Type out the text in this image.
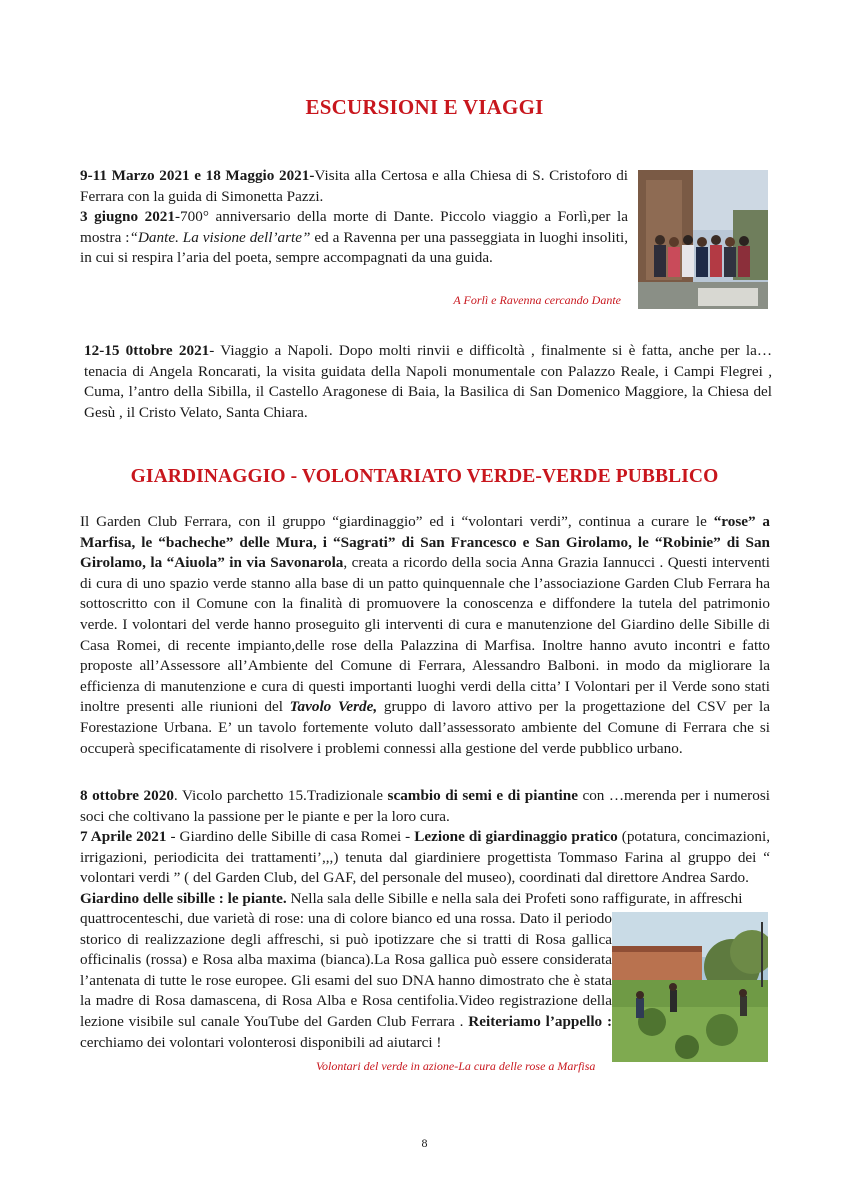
ESCURSIONI E VIAGGI

9-11 Marzo 2021 e 18 Maggio 2021-Visita alla Certosa e alla Chiesa di S. Cristoforo di Ferrara con la guida di Simonetta Pazzi.

3 giugno 2021-700° anniversario della morte di Dante. Piccolo viaggio a Forlì,per la mostra :“Dante. La visione dell’arte” ed a Ravenna per una passeggiata in luoghi insoliti, in cui si respira l’aria del poeta, sempre accompagnati da una guida.

A Forlì e Ravenna cercando Dante

12-15 0ttobre 2021- Viaggio a Napoli. Dopo molti rinvii e difficoltà , finalmente si è fatta, anche per la… tenacia di Angela Roncarati, la visita guidata della Napoli monumentale con Palazzo Reale, i Campi Flegrei , Cuma, l’antro della Sibilla, il Castello Aragonese di Baia, la Basilica di San Domenico Maggiore, la Chiesa del Gesù , il Cristo Velato, Santa Chiara.

GIARDINAGGIO - VOLONTARIATO VERDE-VERDE PUBBLICO

Il Garden Club Ferrara, con il gruppo “giardinaggio” ed i “volontari verdi”, continua a curare le “rose” a Marfisa, le “bacheche” delle Mura, i “Sagrati” di San Francesco e San Girolamo, le “Robinie” di San Girolamo, la “Aiuola” in via Savonarola, creata a ricordo della socia Anna Grazia Iannucci . Questi interventi di cura di uno spazio verde stanno alla base di un patto quinquennale che l’associazione Garden Club Ferrara ha sottoscritto con il Comune con la finalità di promuovere la conoscenza e diffondere la tutela del patrimonio verde. I volontari del verde hanno proseguito gli interventi di cura e manutenzione del Giardino delle Sibille di Casa Romei, di recente impianto,delle rose della Palazzina di Marfisa. Inoltre hanno avuto incontri e fatto proposte all’Assessore all’Ambiente del Comune di Ferrara, Alessandro Balboni. in modo da migliorare la efficienza di manutenzione e cura di questi importanti luoghi verdi della citta’ I Volontari per il Verde sono stati inoltre presenti alle riunioni del Tavolo Verde, gruppo di lavoro attivo per la progettazione del CSV per la Forestazione Urbana. E’ un tavolo fortemente voluto dall’assessorato ambiente del Comune di Ferrara che si occuperà specificatamente di risolvere i problemi connessi alla gestione del verde pubblico urbano.

8 ottobre 2020. Vicolo parchetto 15.Tradizionale scambio di semi e di piantine con …merenda per i numerosi soci che coltivano la passione per le piante e per la loro cura.

7 Aprile 2021 - Giardino delle Sibille di casa Romei - Lezione di giardinaggio pratico (potatura, concimazioni, irrigazioni, periodicita dei trattamenti’,,,) tenuta dal giardiniere progettista Tommaso Farina al gruppo dei “ volontari verdi ” ( del Garden Club, del GAF, del personale del museo), coordinati dal direttore Andrea Sardo.

Giardino delle sibille : le piante. Nella sala delle Sibille e nella sala dei Profeti sono raffigurate, in affreschi

quattrocenteschi, due varietà di rose: una di colore bianco ed una rossa. Dato il periodo storico di realizzazione degli affreschi, si può ipotizzare che si tratti di Rosa gallica officinalis (rossa) e Rosa alba maxima (bianca).La Rosa gallica può essere considerata l’antenata di tutte le rose europee. Gli esami del suo DNA hanno dimostrato che è stata la madre di Rosa damascena, di Rosa Alba e Rosa centifolia.Video registrazione della lezione visibile sul canale YouTube del Garden Club Ferrara . Reiteriamo l’appello : cerchiamo dei volontari volonterosi disponibili ad aiutarci !

Volontari del verde in azione-La cura delle rose a Marfisa

8
